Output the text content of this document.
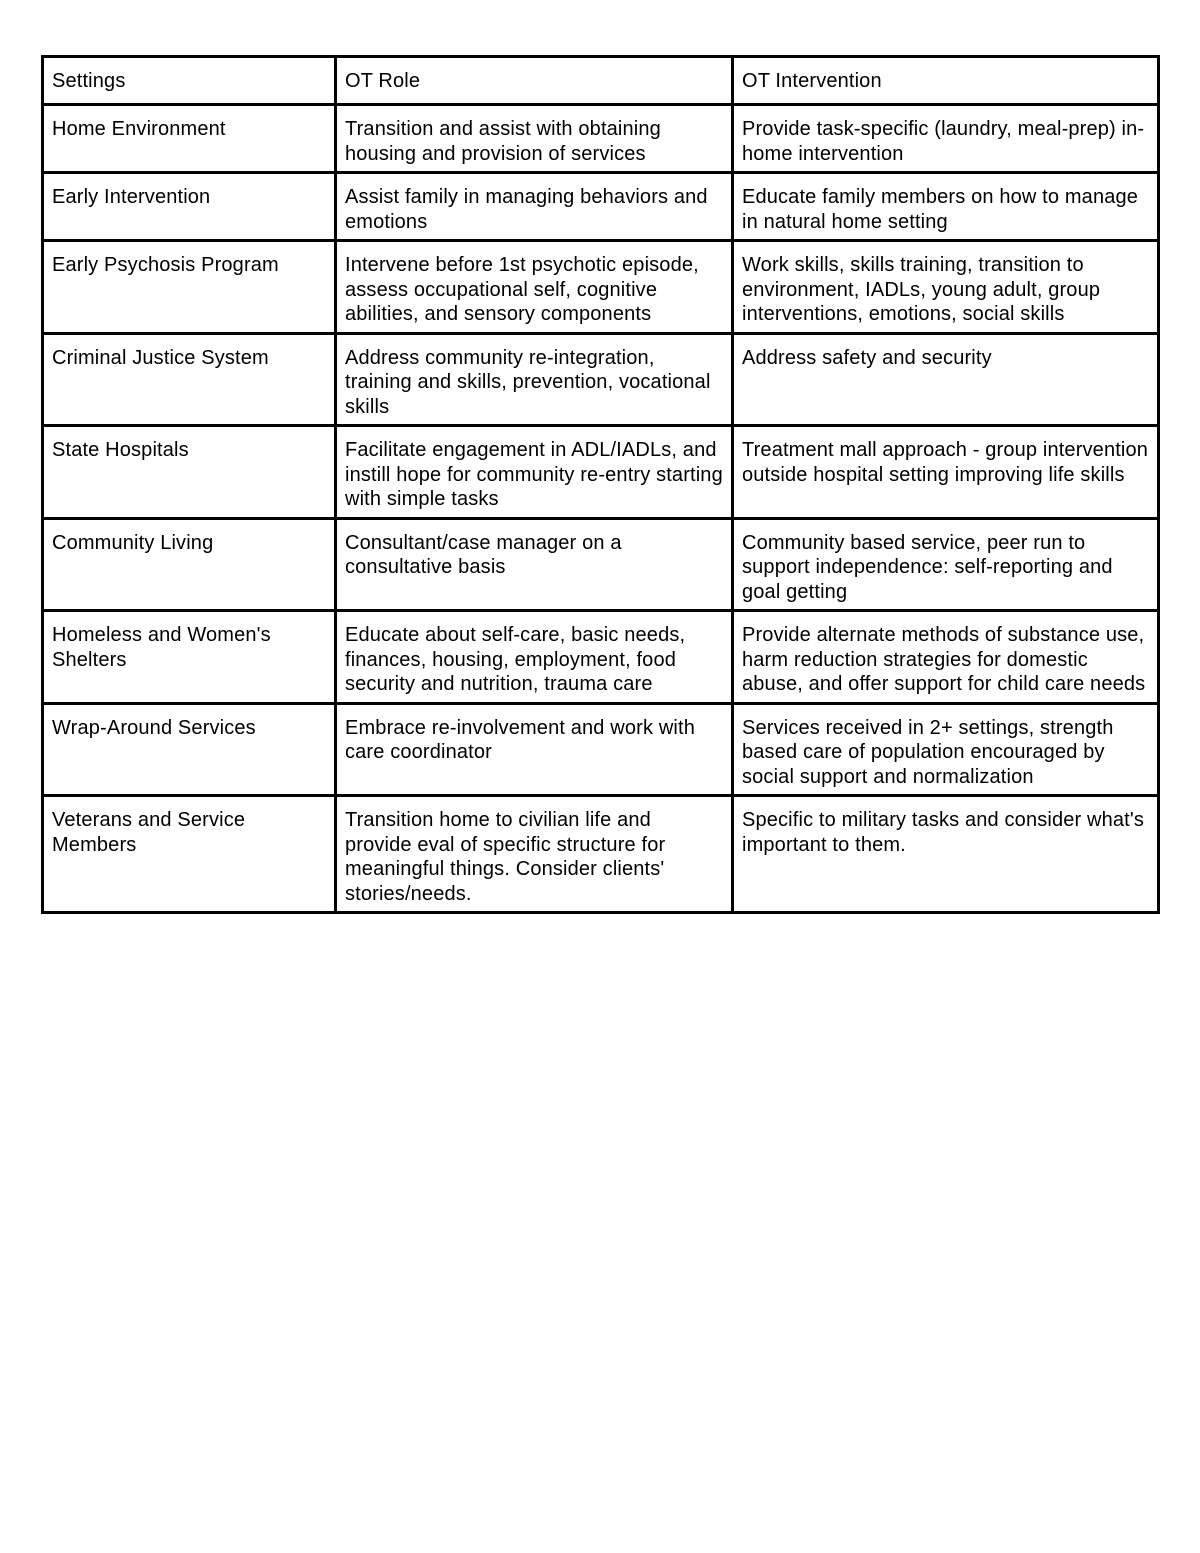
Settings	OT Role	OT Intervention
Home Environment	Transition and assist with obtaining housing and provision of services	Provide task-specific (laundry, meal-prep) in-home intervention
Early Intervention	Assist family in managing behaviors and emotions	Educate family members on how to manage in natural home setting
Early Psychosis Program	Intervene before 1st psychotic episode, assess occupational self, cognitive abilities, and sensory components	Work skills, skills training, transition to environment, IADLs, young adult, group interventions, emotions, social skills
Criminal Justice System	Address community re-integration, training and skills, prevention, vocational skills	Address safety and security
State Hospitals	Facilitate engagement in ADL/IADLs, and instill hope for community re-entry starting with simple tasks	Treatment mall approach - group intervention outside hospital setting improving life skills
Community Living	Consultant/case manager on a consultative basis	Community based service, peer run to support independence: self-reporting and goal getting
Homeless and Women's Shelters	Educate about self-care, basic needs, finances, housing, employment, food security and nutrition, trauma care	Provide alternate methods of substance use, harm reduction strategies for domestic abuse, and offer support for child care needs
Wrap-Around Services	Embrace re-involvement and work with care coordinator	Services received in 2+ settings, strength based care of population encouraged by social support and normalization
Veterans and Service Members	Transition home to civilian life and provide eval of specific structure for meaningful things. Consider clients' stories/needs.	Specific to military tasks and consider what's important to them.
